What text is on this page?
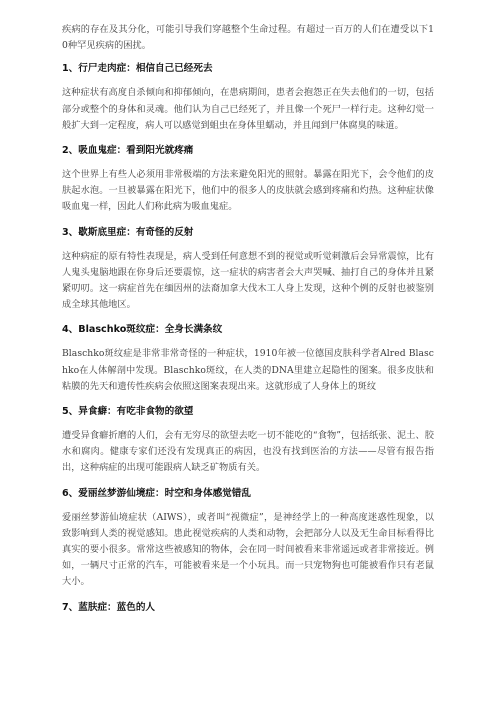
疾病的存在及其分化，可能引导我们穿越整个生命过程。有超过一百万的人们在遭受以下10种罕见疾病的困扰。

1、行尸走肉症：相信自己已经死去

这种症状有高度自杀倾向和抑郁倾向，在患病期间，患者会抱怨正在失去他们的一切，包括部分或整个的身体和灵魂。他们认为自己已经死了，并且像一个死尸一样行走。这种幻觉一般扩大到一定程度，病人可以感觉到蛆虫在身体里蠕动，并且闻到尸体腐臭的味道。

2、吸血鬼症：看到阳光就疼痛

这个世界上有些人必须用非常极端的方法来避免阳光的照射。暴露在阳光下，会令他们的皮肤起水泡。一旦被暴露在阳光下，他们中的很多人的皮肤就会感到疼痛和灼热。这种症状像吸血鬼一样，因此人们称此病为吸血鬼症。

3、歇斯底里症：有奇怪的反射

这种病症的原有特性表现是，病人受到任何意想不到的视觉或听觉刺激后会异常震惊，比有人鬼头鬼脑地跟在你身后还要震惊，这一症状的病害者会大声哭喊、抽打自己的身体并且紧紧叨叨。这一病症首先在缅因州的法裔加拿大伐木工人身上发现，这种个例的反射也被鉴别成全球其他地区。

4、Blaschko斑纹症：全身长满条纹

Blaschko斑纹症是非常非常奇怪的一种症状，1910年被一位德国皮肤科学者Alred Blaschko在人体解剖中发现。Blaschko斑纹，在人类的DNA里建立起隐性的图案。很多皮肤和粘膜的先天和遗传性疾病会依照这图案表现出来。这就形成了人身体上的斑纹

5、异食癖：有吃非食物的欲望

遭受异食癖折磨的人们，会有无穷尽的欲望去吃一切不能吃的“食物”，包括纸张、泥土、胶水和腐肉。健康专家们还没有发现真正的病因，也没有找到医治的方法——尽管有报告指出，这种病症的出现可能跟病人缺乏矿物质有关。

6、爱丽丝梦游仙境症：时空和身体感觉错乱

爱丽丝梦游仙境症状（AIWS），或者叫“视微症”，是神经学上的一种高度迷惑性现象，以致影响到人类的视觉感知。患此视觉疾病的人类和动物，会把部分人以及无生命目标看得比真实的要小很多。常常这些被感知的物体，会在同一时间被看来非常遥远或者非常接近。例如，一辆尺寸正常的汽车，可能被看来是一个小玩具。而一只宠物狗也可能被看作只有老鼠大小。

7、蓝肤症：蓝色的人
